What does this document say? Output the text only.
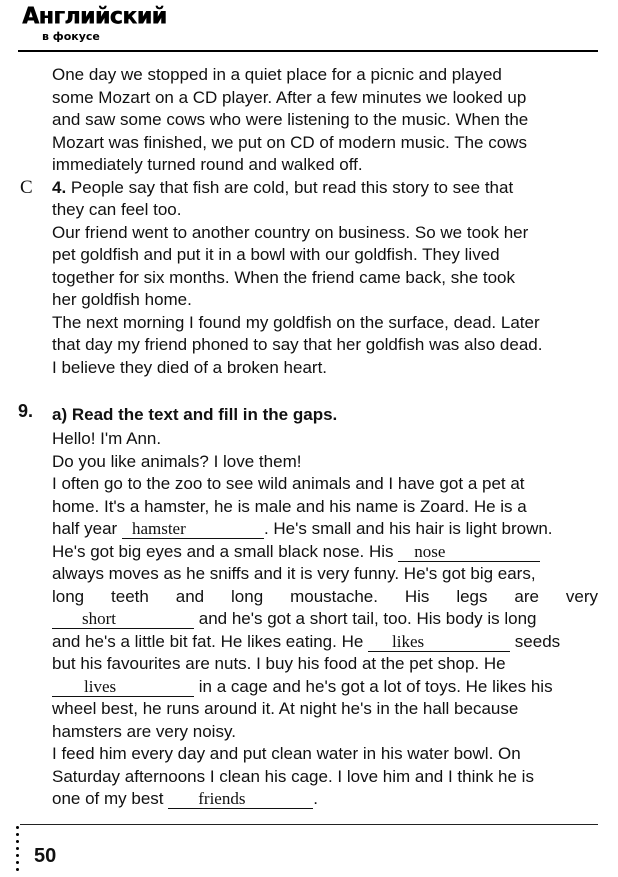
Английский
в фокусе
C
9.

One day we stopped in a quiet place for a picnic and played

some Mozart on a CD player. After a few minutes we looked up

and saw some cows who were listening to the music. When the

Mozart was finished, we put on CD of modern music. The cows

immediately turned round and walked off.

4. People say that fish are cold, but read this story to see that

they can feel too.

Our friend went to another country on business. So we took her

pet goldfish and put it in a bowl with our goldfish. They lived

together for six months. When the friend came back, she took

her goldfish home.

The next morning I found my goldfish on the surface, dead. Later

that day my friend phoned to say that her goldfish was also dead.

I believe they died of a broken heart.

a) Read the text and fill in the gaps.

Hello! I'm Ann.

Do you like animals? I love them!

I often go to the zoo to see wild animals and I have got a pet at

home. It's a hamster, he is male and his name is Zoard. He is a

half year hamster	. He's small and his hair is light brown.

He's got big eyes and a small black nose. His nose

always moves as he sniffs and it is very funny. He's got big ears,

long teeth and long moustache. His legs are very

short	and he's got a short tail, too. His body is long

and he's a little bit fat. He likes eating. He likes	seeds

but his favourites are nuts. I buy his food at the pet shop. He

lives	in a cage and he's got a lot of toys. He likes his

wheel best, he runs around it. At night he's in the hall because

hamsters are very noisy.

I feed him every day and put clean water in his water bowl. On

Saturday afternoons I clean his cage. I love him and I think he is

one of my best friends	.

50
